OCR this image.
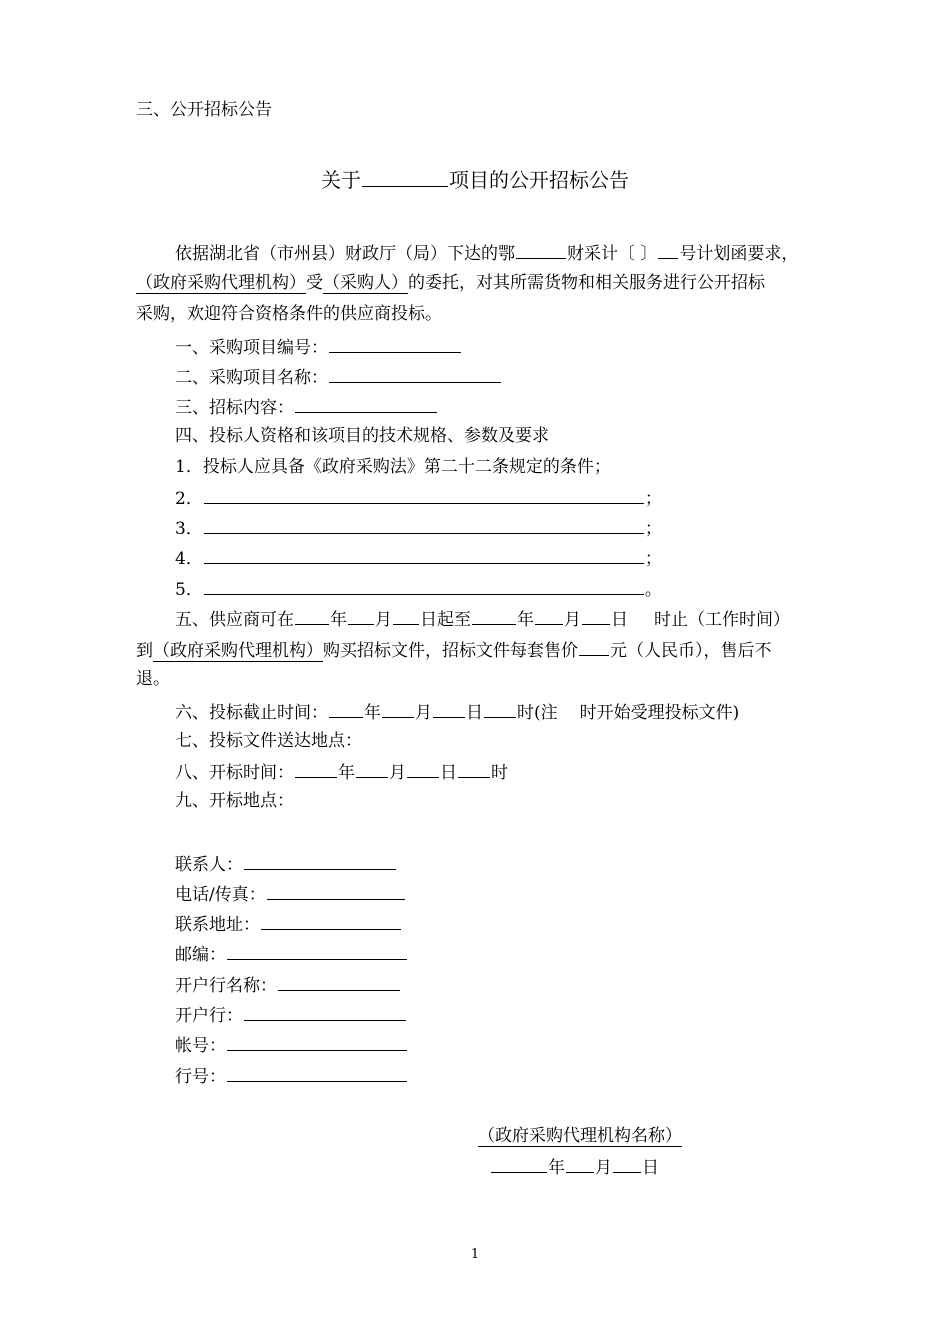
三、公开招标公告
关于	项目的公开招标公告
依据湖北省（市州县）财政厅（局）下达的鄂	财采计〔 〕 号计划函要求，
（政府采购代理机构）受（采购人）的委托，对其所需货物和相关服务进行公开招标
采购，欢迎符合资格条件的供应商投标。
一、采购项目编号：
二、采购项目名称：
三、招标内容：
四、投标人资格和该项目的技术规格、参数及要求
1．投标人应具备《政府采购法》第二十二条规定的条件；
2．	；
3．	；
4．	；
5．	。
五、供应商可在 年 月 日起至	年 月 日 时止（工作时间）
到（政府采购代理机构）购买招标文件，招标文件每套售价 元（人民币），售后不
退。
六、投标截止时间： 年 月 日 时(注 时开始受理投标文件)
七、投标文件送达地点：
八、开标时间：	年 月 日 时
九、开标地点：
联系人：
电话/传真：
联系地址：
邮编：
开户行名称：
开户行：
帐号：
行号：
（政府采购代理机构名称）
年 月 日
1
